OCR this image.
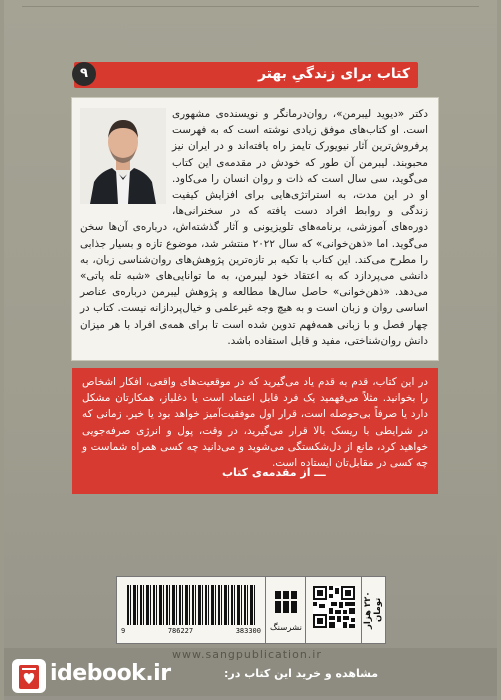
کتاب برای زندگیِ بهتر
۹
دکتر «دیوید لیبرمن»، روان‌درمانگر و نویسنده‌ی مشهوری است. او کتاب‌های موفق زیادی نوشته است که به فهرست پرفروش‌ترین آثار نیویورک تایمز راه یافته‌اند و در ایران نیز محبوبند. لیبرمن آن طور که خودش در مقدمه‌ی این کتاب می‌گوید، سی سال است که ذات و روان انسان را می‌کاود. او در این مدت، به استراتژی‌هایی برای افزایش کیفیت زندگی و روابط افراد دست یافته که در سخنرانی‌ها، دوره‌های آموزشی، برنامه‌های تلویزیونی و آثار گذشته‌اش، درباره‌ی آن‌ها سخن می‌گوید. اما «ذهن‌خوانی» که سال ۲۰۲۲ منتشر شد، موضوع تازه و بسیار جذابی را مطرح می‌کند. این کتاب با تکیه بر تازه‌ترین پژوهش‌های روان‌شناسی زبان، به دانشی می‌پردازد که به اعتقاد خود لیبرمن، به ما توانایی‌های «شبه تله پاتی» می‌دهد. «ذهن‌خوانی» حاصل سال‌ها مطالعه و پژوهش لیبرمن درباره‌ی عناصر اساسی روان و زبان است و به هیچ وجه غیرعلمی و خیال‌پردازانه نیست. کتاب در چهار فصل و با زبانی همه‌فهم تدوین شده است تا برای همه‌ی افراد با هر میزان دانش روان‌شناختی، مفید و قابل استفاده باشد.
در این کتاب، قدم به قدم یاد می‌گیرید که در موقعیت‌های واقعی، افکار اشخاص را بخوانید. مثلاً می‌فهمید یک فرد قابل اعتماد است یا دغلباز، همکارتان مشکل دارد یا صرفاً بی‌حوصله است، قرار اول موفقیت‌آمیز خواهد بود یا خیر. زمانی که در شرایطی با ریسک بالا قرار می‌گیرید، در وقت، پول و انرژی صرفه‌جویی خواهید کرد، مانع از دل‌شکستگی می‌شوید و می‌دانید چه کسی همراه شماست و چه کسی در مقابل‌تان ایستاده است.
ـــ از مقدمه‌ی کتاب
9	786227	383300	نشرسنگ	۲۲۰ هزار تومان
www.sangpublication.ir
idebook.ir	مشاهده و خرید این کتاب در:
